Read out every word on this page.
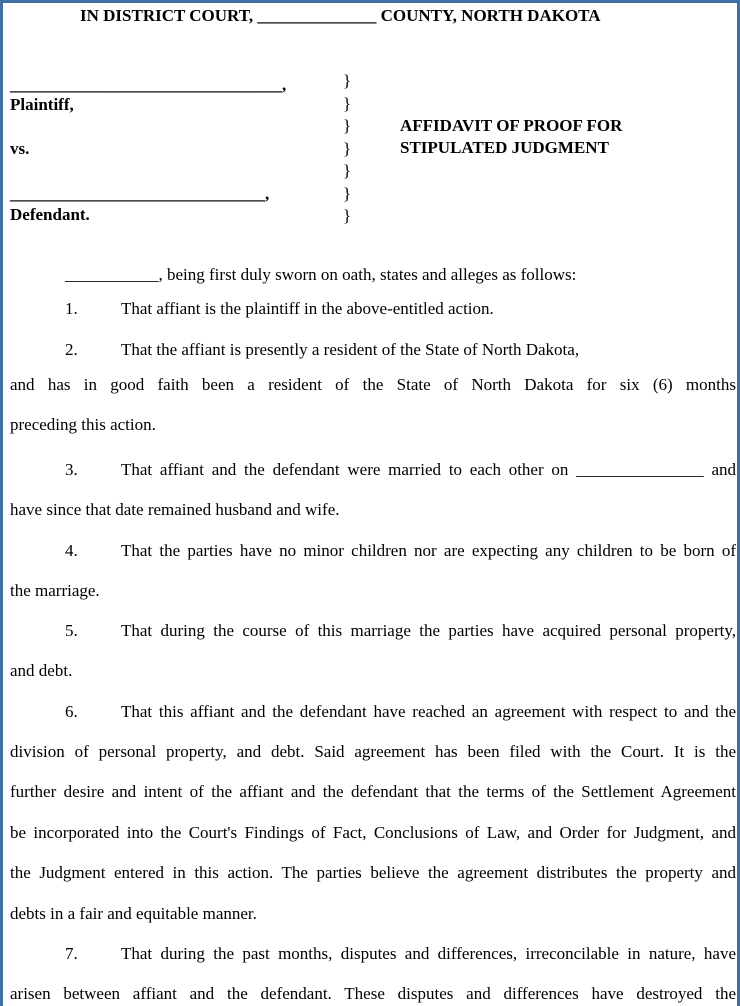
IN DISTRICT COURT, ______________ COUNTY, NORTH DAKOTA
________________________________,
Plaintiff,
vs.
______________________________,
Defendant.
}
}
}
}
}
}
}
AFFIDAVIT OF PROOF FOR
STIPULATED JUDGMENT
___________, being first duly sworn on oath, states and alleges as follows:
1.	That affiant is the plaintiff in the above-entitled action.
2.	That the affiant is presently a resident of the State of North Dakota,
and has in good faith been a resident of the State of North Dakota for six (6) months
preceding this action.
3.	That affiant and the defendant were married to each other on _______________ and
have since that date remained husband and wife.
4.	That the parties have no minor children nor are expecting any children to be born of
the marriage.
5.	That during the course of this marriage the parties have acquired personal property,
and debt.
6.	That this affiant and the defendant have reached an agreement with respect to and the
division of personal property, and debt. Said agreement has been filed with the Court. It is the
further desire and intent of the affiant and the defendant that the terms of the Settlement Agreement
be incorporated into the Court's Findings of Fact, Conclusions of Law, and Order for Judgment, and
the Judgment entered in this action. The parties believe the agreement distributes the property and
debts in a fair and equitable manner.
7.	That during the past months, disputes and differences, irreconcilable in nature, have
arisen between affiant and the defendant. These disputes and differences have destroyed the
